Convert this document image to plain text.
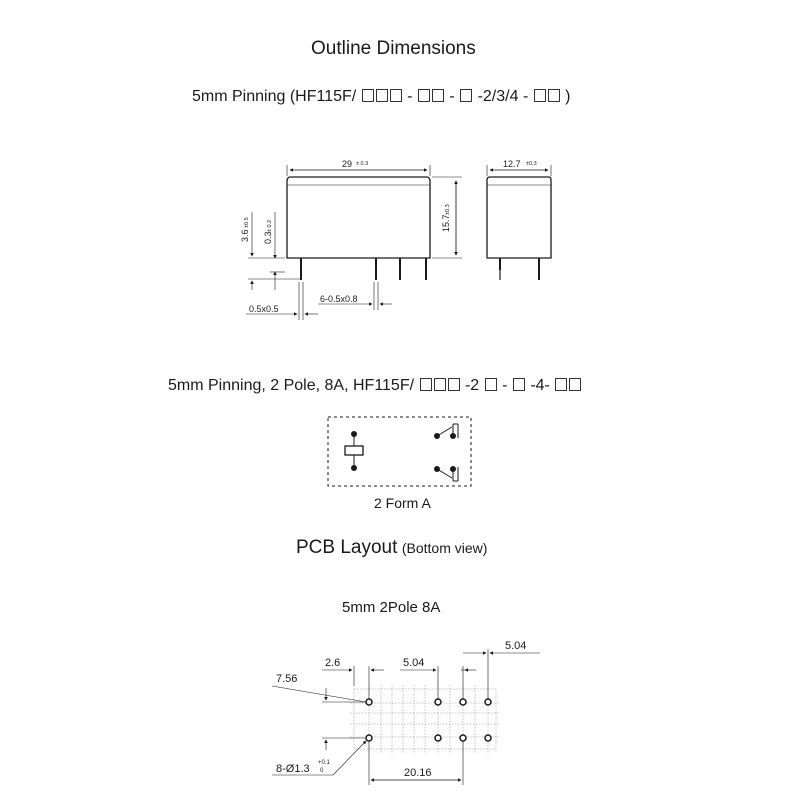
Outline Dimensions
5mm Pinning (HF115F/	- - -2/3/4 - )
5mm Pinning, 2 Pole, 8A, HF115F/	-2 - -4-
2 Form A
PCB Layout (Bottom view)
5mm 2Pole 8A
29 ± 0.3
15.7
±0.3
3.6
±0.5
0.3
± 0.2
0.5x0.5
6-0.5x0.8
12.7 ±0.3
2.6	5.04
5.04
7.56
20.16
8-Ø1.3 +0.1
0
